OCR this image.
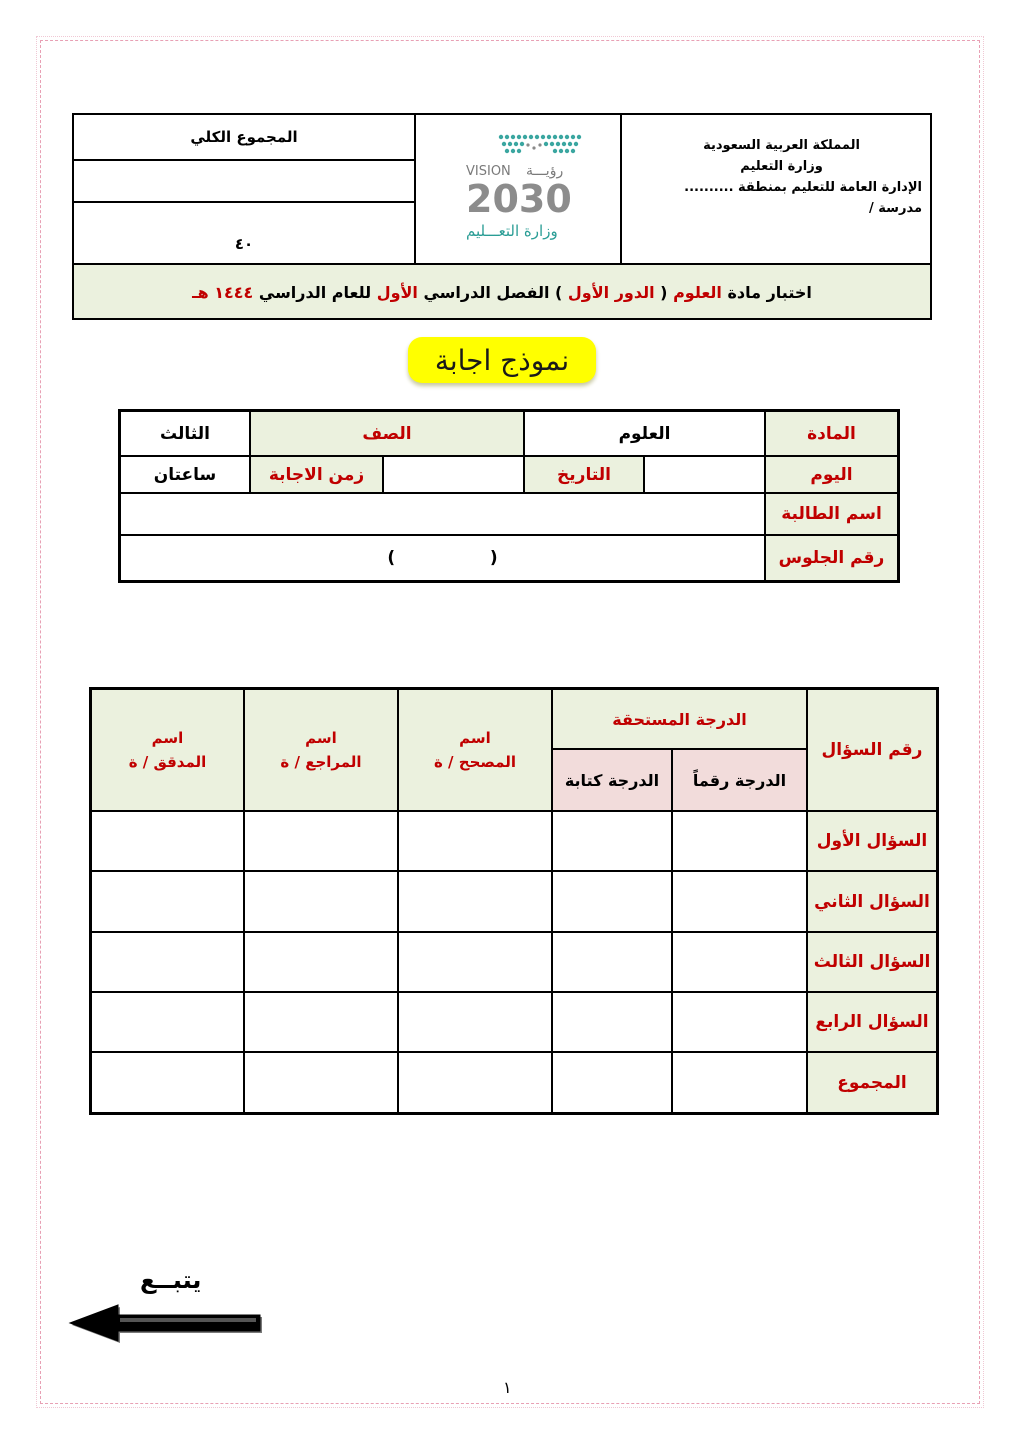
المملكة العربية السعودية
وزارة التعليم
الإدارة العامة للتعليم بمنطقة ..........
مدرسة /
VISION رؤيـــة
2030
وزارة التعـــليم
المجموع الكلي
٤٠
اختبار مادة العلوم ( الدور الأول ) الفصل الدراسي الأول للعام الدراسي ١٤٤٤ هـ
نموذج اجابة
المادة
العلوم
الصف
الثالث
اليوم
التاريخ
زمن الاجابة
ساعتان
اسم الطالبة
رقم الجلوس
(                )
رقم السؤال
الدرجة المستحقة
الدرجة رقماً
الدرجة كتابة
اسم
المصحح / ة
اسم
المراجع / ة
اسم
المدقق / ة
السؤال الأول
السؤال الثاني
السؤال الثالث
السؤال الرابع
المجموع
يتبــع
١
